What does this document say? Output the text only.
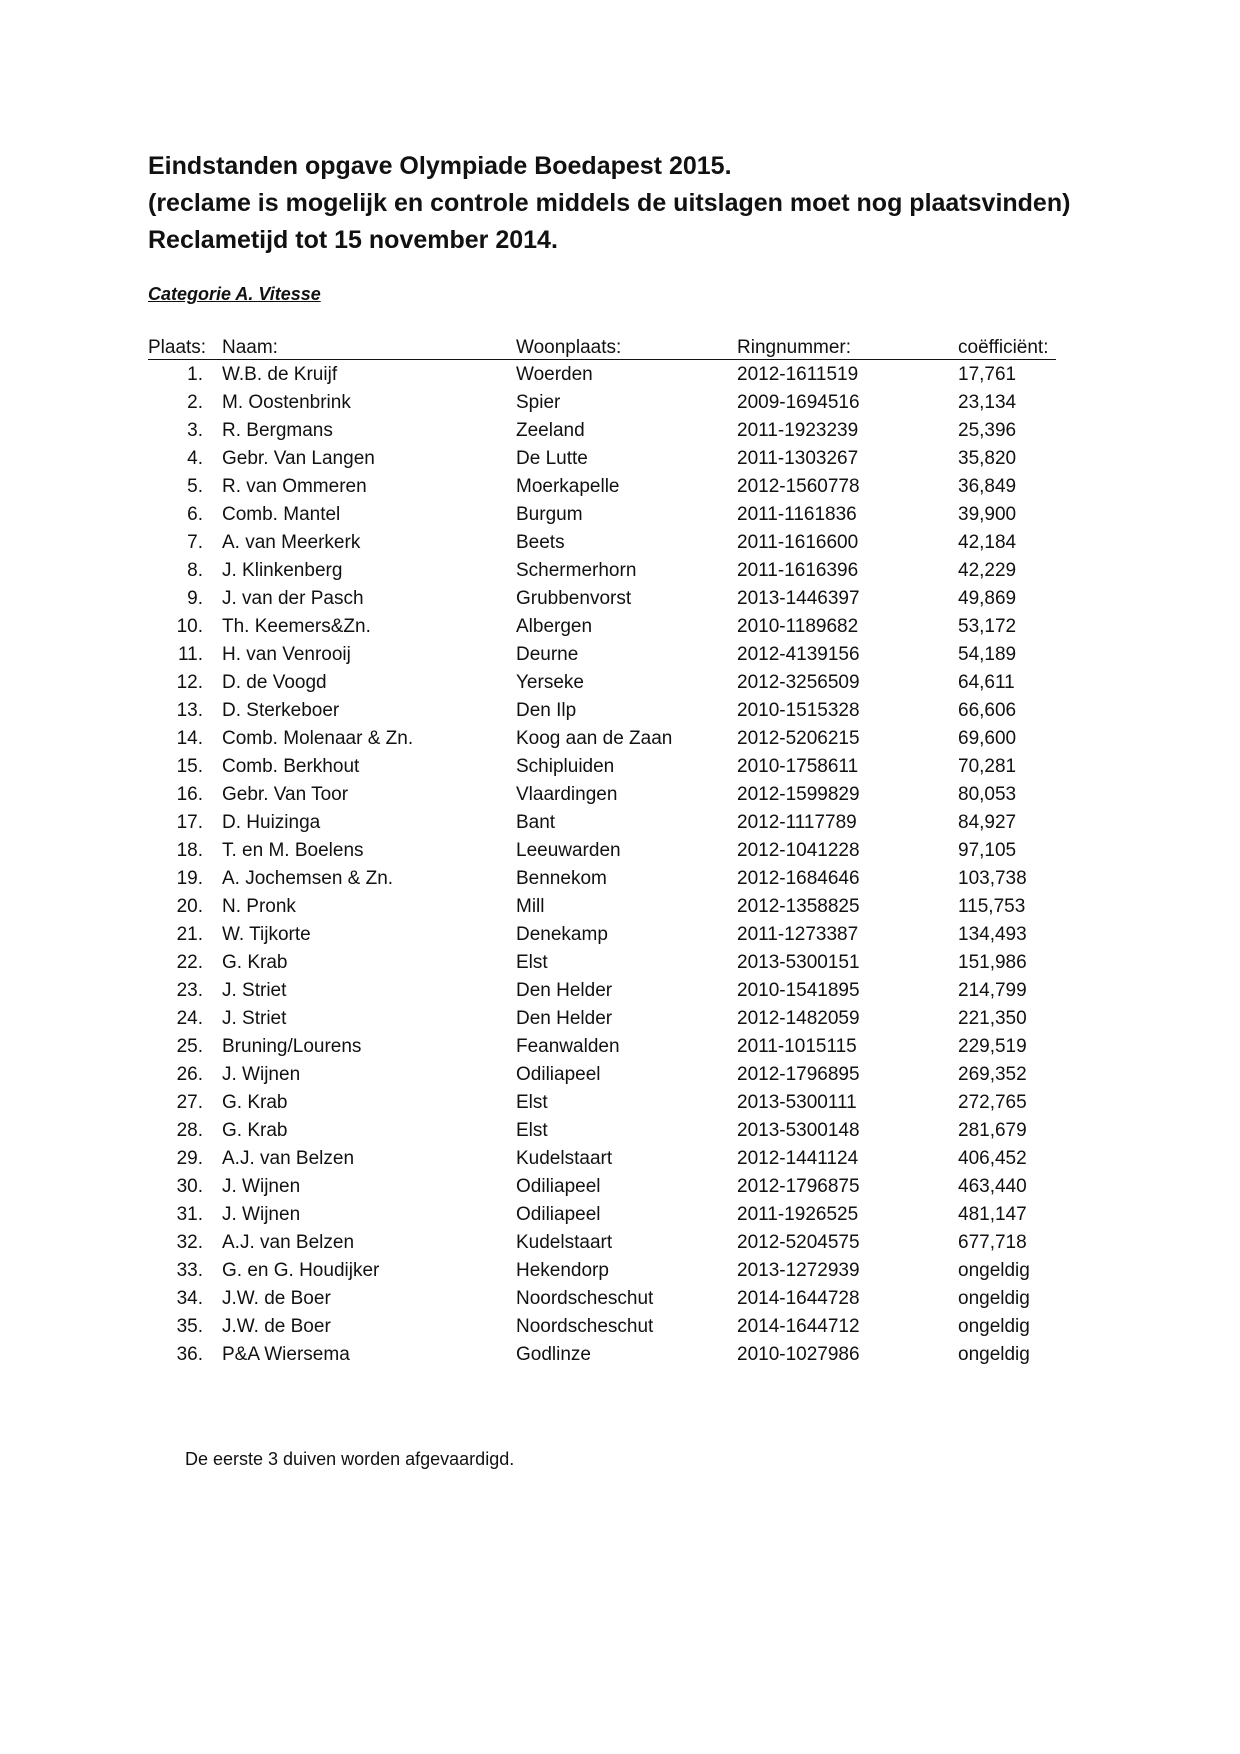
Eindstanden opgave Olympiade Boedapest 2015.
(reclame is mogelijk en controle middels de uitslagen moet nog plaatsvinden)
Reclametijd tot 15 november 2014.
Categorie A. Vitesse
Plaats: Naam:	Woonplaats:	Ringnummer:	coëfficiënt:
1. W.B. de Kruijf	Woerden	2012-1611519	17,761
2. M. Oostenbrink	Spier	2009-1694516	23,134
3. R. Bergmans	Zeeland	2011-1923239	25,396
4. Gebr. Van Langen	De Lutte	2011-1303267	35,820
5. R. van Ommeren	Moerkapelle	2012-1560778	36,849
6. Comb. Mantel	Burgum	2011-1161836	39,900
7. A. van Meerkerk	Beets	2011-1616600	42,184
8. J. Klinkenberg	Schermerhorn	2011-1616396	42,229
9. J. van der Pasch	Grubbenvorst	2013-1446397	49,869
10. Th. Keemers&Zn.	Albergen	2010-1189682	53,172
11. H. van Venrooij	Deurne	2012-4139156	54,189
12. D. de Voogd	Yerseke	2012-3256509	64,611
13. D. Sterkeboer	Den Ilp	2010-1515328	66,606
14. Comb. Molenaar & Zn.	Koog aan de Zaan	2012-5206215	69,600
15. Comb. Berkhout	Schipluiden	2010-1758611	70,281
16. Gebr. Van Toor	Vlaardingen	2012-1599829	80,053
17. D. Huizinga	Bant	2012-1117789	84,927
18. T. en M. Boelens	Leeuwarden	2012-1041228	97,105
19. A. Jochemsen & Zn.	Bennekom	2012-1684646	103,738
20. N. Pronk	Mill	2012-1358825	115,753
21. W. Tijkorte	Denekamp	2011-1273387	134,493
22. G. Krab	Elst	2013-5300151	151,986
23. J. Striet	Den Helder	2010-1541895	214,799
24. J. Striet	Den Helder	2012-1482059	221,350
25. Bruning/Lourens	Feanwalden	2011-1015115	229,519
26. J. Wijnen	Odiliapeel	2012-1796895	269,352
27. G. Krab	Elst	2013-5300111	272,765
28. G. Krab	Elst	2013-5300148	281,679
29. A.J. van Belzen	Kudelstaart	2012-1441124	406,452
30. J. Wijnen	Odiliapeel	2012-1796875	463,440
31. J. Wijnen	Odiliapeel	2011-1926525	481,147
32. A.J. van Belzen	Kudelstaart	2012-5204575	677,718
33. G. en G. Houdijker	Hekendorp	2013-1272939	ongeldig
34. J.W. de Boer	Noordscheschut	2014-1644728	ongeldig
35. J.W. de Boer	Noordscheschut	2014-1644712	ongeldig
36. P&A Wiersema	Godlinze	2010-1027986	ongeldig
De eerste 3 duiven worden afgevaardigd.
